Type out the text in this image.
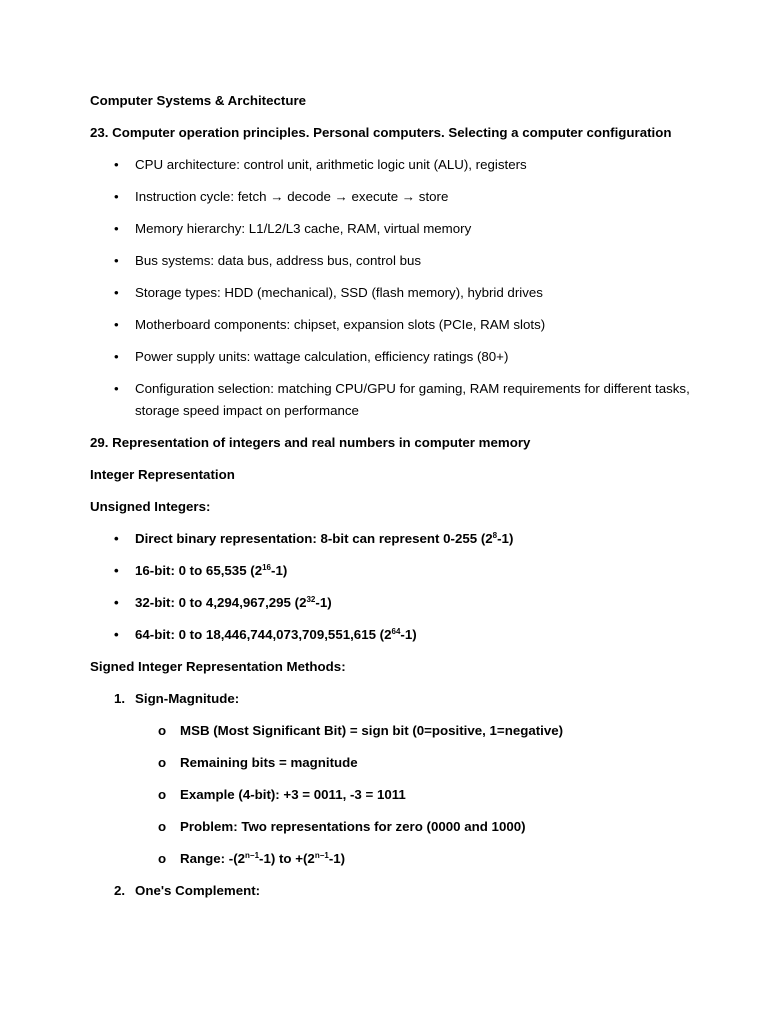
Computer Systems & Architecture
23. Computer operation principles. Personal computers. Selecting a computer configuration
• CPU architecture: control unit, arithmetic logic unit (ALU), registers
• Instruction cycle: fetch → decode → execute → store
• Memory hierarchy: L1/L2/L3 cache, RAM, virtual memory
• Bus systems: data bus, address bus, control bus
• Storage types: HDD (mechanical), SSD (flash memory), hybrid drives
• Motherboard components: chipset, expansion slots (PCIe, RAM slots)
• Power supply units: wattage calculation, efficiency ratings (80+)
• Configuration selection: matching CPU/GPU for gaming, RAM requirements for different tasks, storage speed impact on performance
29. Representation of integers and real numbers in computer memory
Integer Representation
Unsigned Integers:
• Direct binary representation: 8-bit can represent 0-255 $(2^8-1)$
• 16-bit: 0 to 65,535 $(2^{16}-1)$
• 32-bit: 0 to 4,294,967,295 $(2^{32}-1)$
• 64-bit: 0 to 18,446,744,073,709,551,615 $(2^{64}-1)$
Signed Integer Representation Methods:
1. Sign-Magnitude:
o MSB (Most Significant Bit) = sign bit (0=positive, 1=negative)
o Remaining bits = magnitude
o Example (4-bit): +3 = 0011, -3 = 1011
o Problem: Two representations for zero (0000 and 1000)
o Range: $-(2^{n-1}-1)$ to $+(2^{n-1}-1)$
2. One's Complement:
